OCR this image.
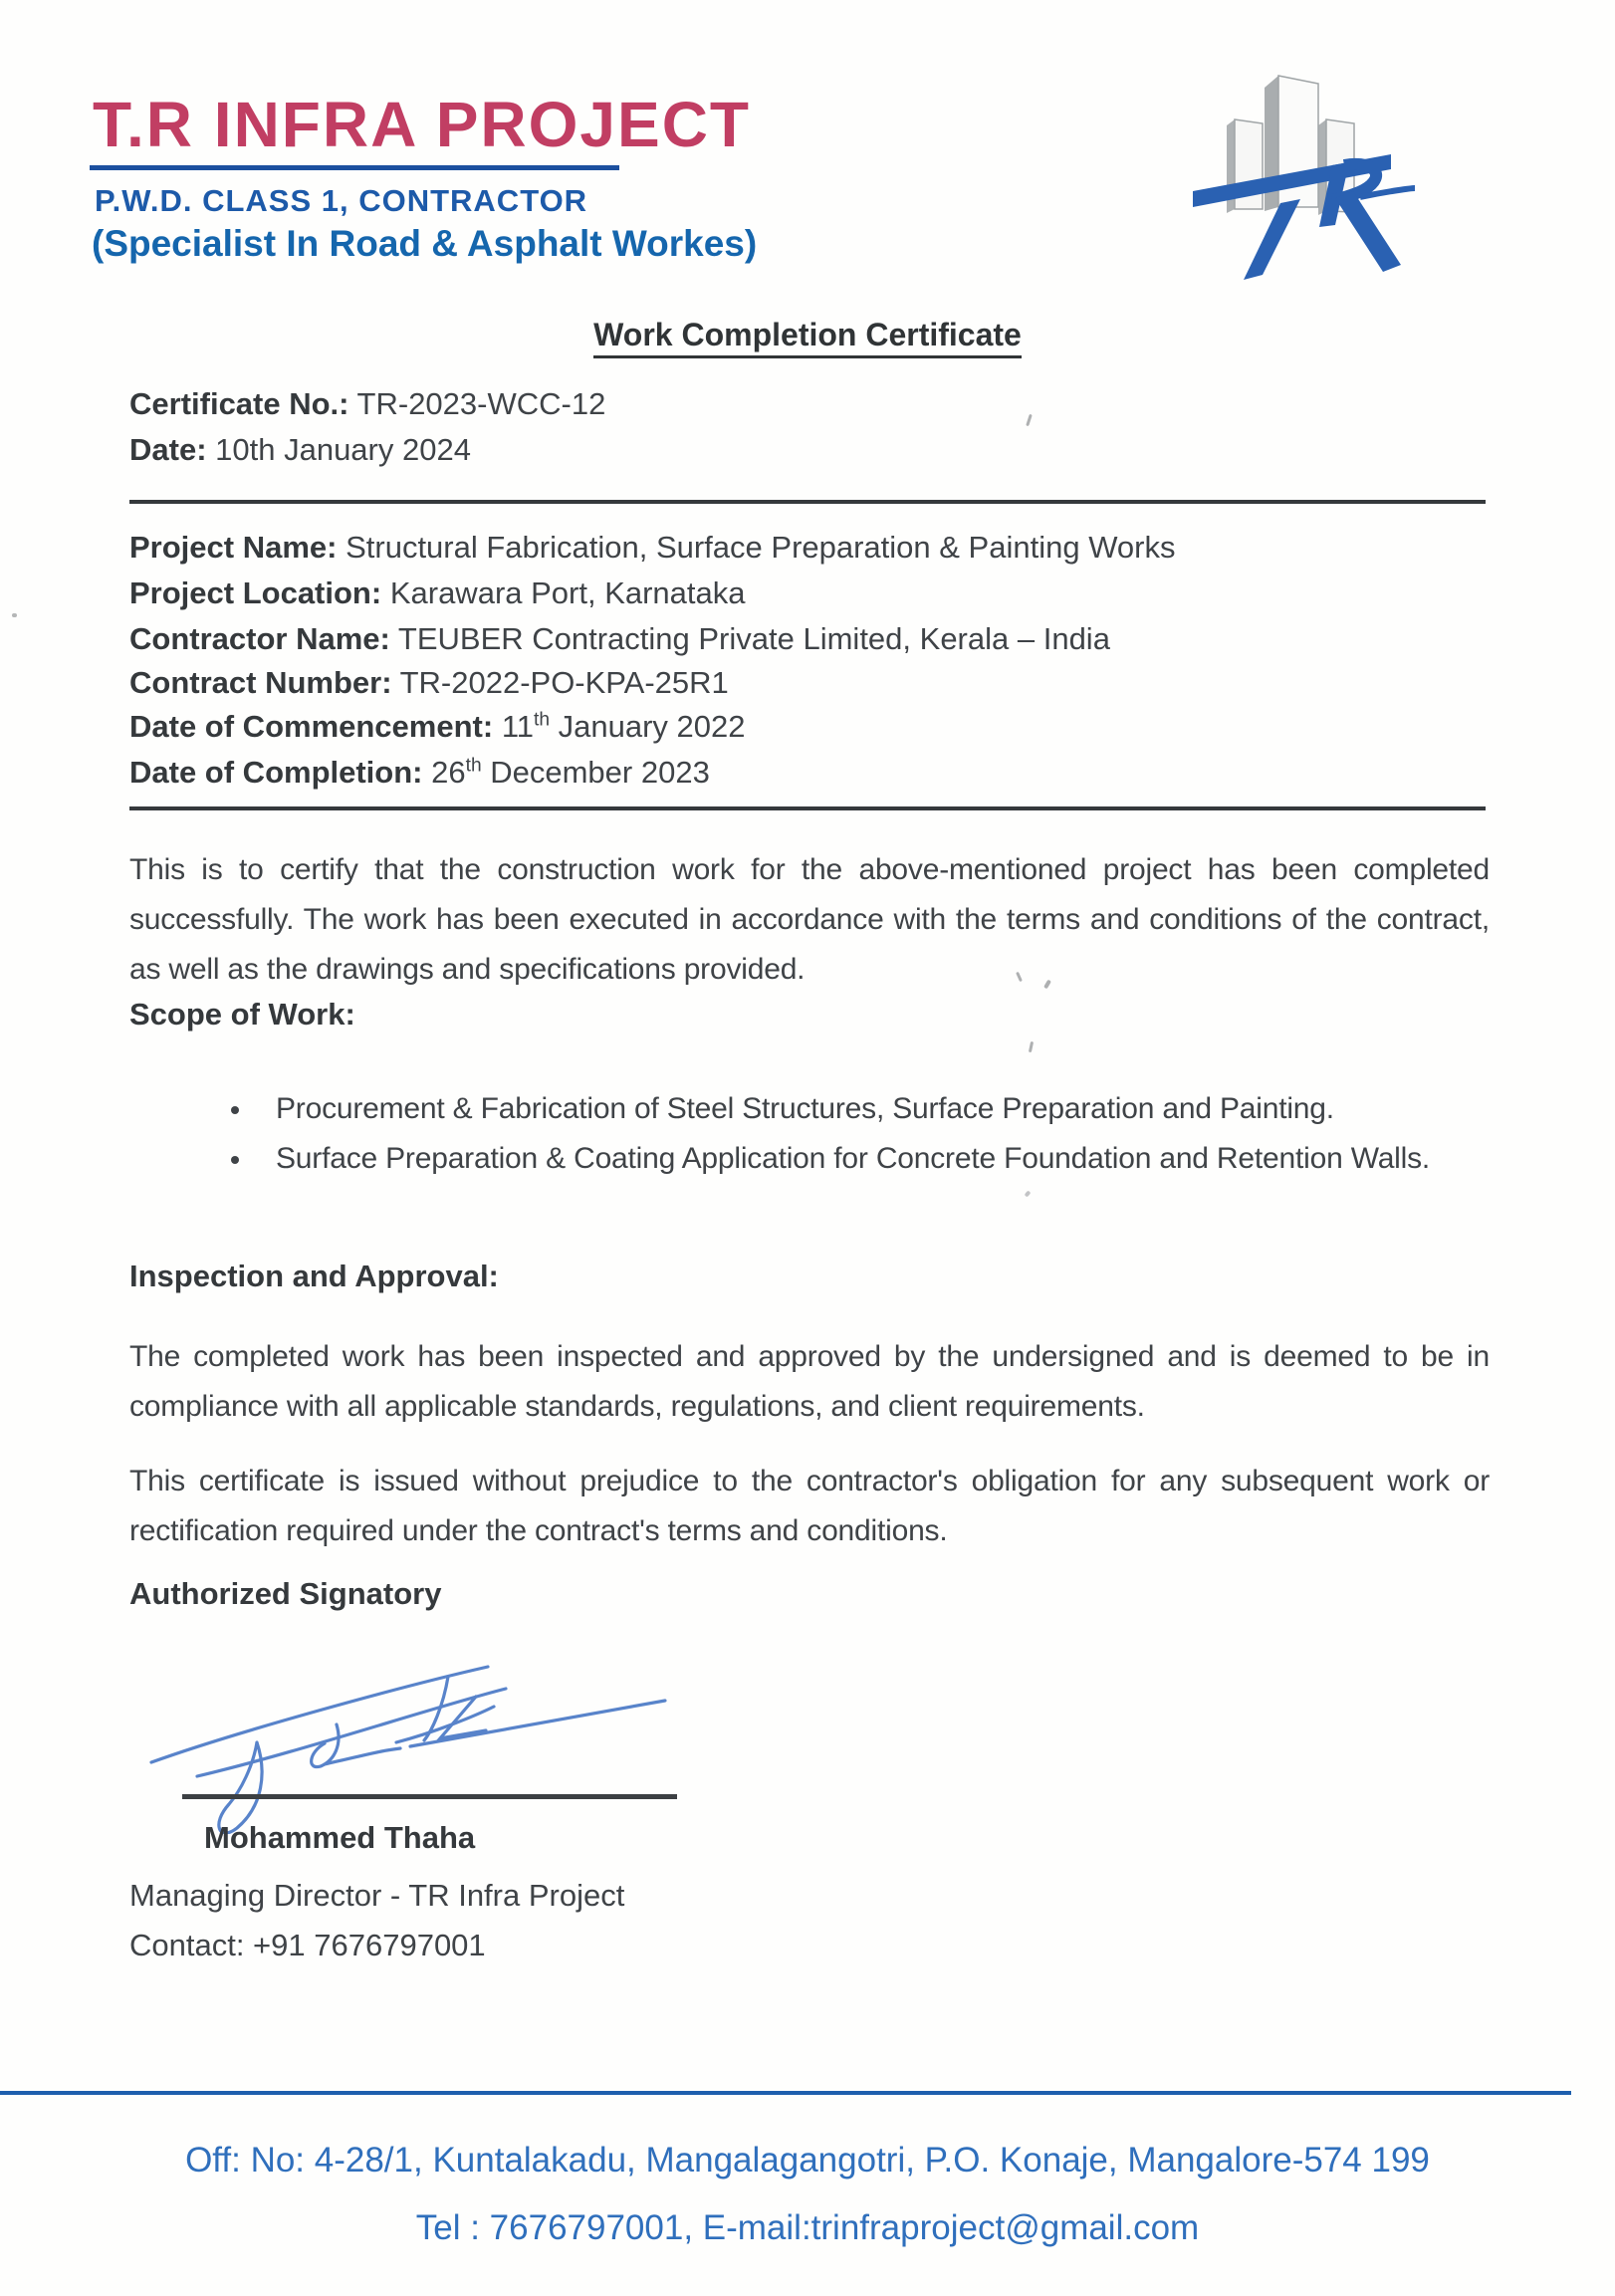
T.R INFRA PROJECT
P.W.D. CLASS 1, CONTRACTOR
(Specialist In Road & Asphalt Workes)
Work Completion Certificate
Certificate No.: TR-2023-WCC-12
Date: 10th January 2024
Project Name: Structural Fabrication, Surface Preparation & Painting Works
Project Location: Karawara Port, Karnataka
Contractor Name: TEUBER Contracting Private Limited, Kerala – India
Contract Number: TR-2022-PO-KPA-25R1
Date of Commencement: 11th January 2022
Date of Completion: 26th December 2023
This is to certify that the construction work for the above-mentioned project has been completed successfully. The work has been executed in accordance with the terms and conditions of the contract, as well as the drawings and specifications provided.
Scope of Work:
• Procurement & Fabrication of Steel Structures, Surface Preparation and Painting.
• Surface Preparation & Coating Application for Concrete Foundation and Retention Walls.
Inspection and Approval:
The completed work has been inspected and approved by the undersigned and is deemed to be in compliance with all applicable standards, regulations, and client requirements.
This certificate is issued without prejudice to the contractor's obligation for any subsequent work or rectification required under the contract's terms and conditions.
Authorized Signatory
Mohammed Thaha
Managing Director - TR Infra Project
Contact: +91 7676797001
Off: No: 4-28/1, Kuntalakadu, Mangalagangotri, P.O. Konaje, Mangalore-574 199
Tel : 7676797001, E-mail:trinfraproject@gmail.com
